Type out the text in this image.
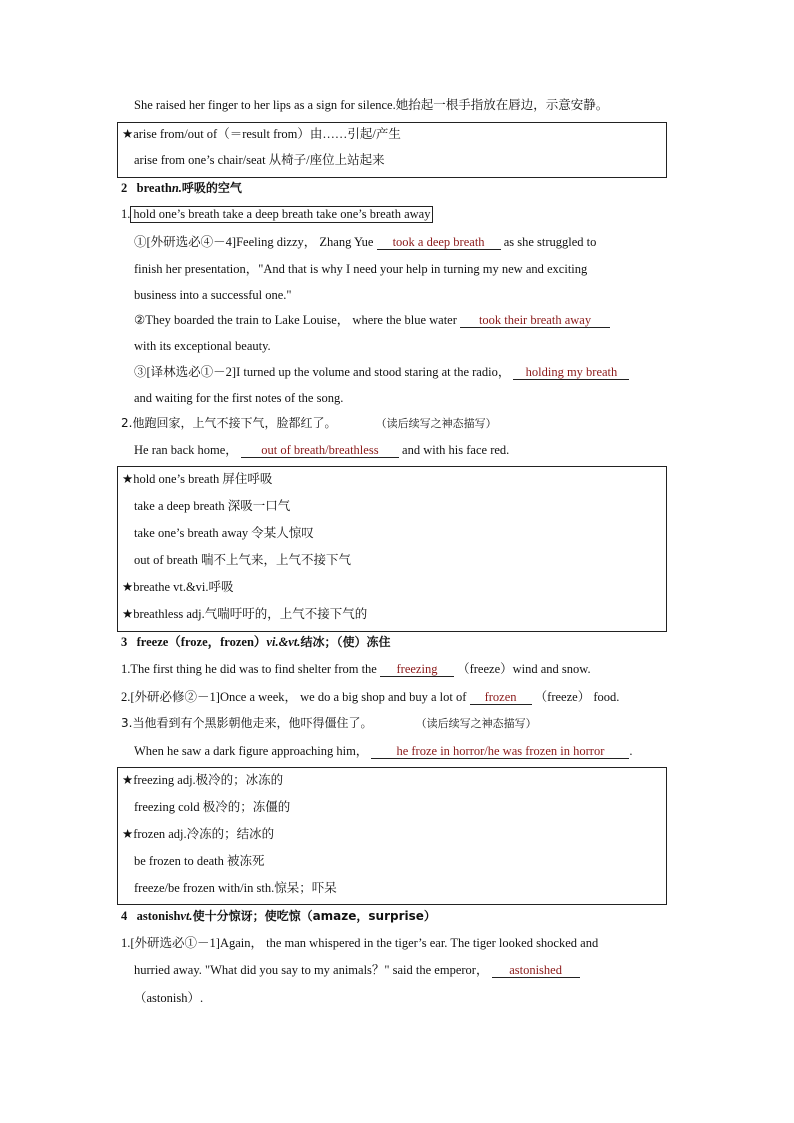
She raised her finger to her lips as a sign for silence.她抬起一根手指放在唇边，示意安静。
★arise from/out of（＝result from）由……引起/产生
arise from one’s chair/seat 从椅子/座位上站起来
2 breathn.呼吸的空气
1. hold one’s breath take a deep breath take one’s breath away
①[外研选必④－4]Feeling dizzy， Zhang Yue took a deep breath as she struggled to
finish her presentation，"And that is why I need your help in turning my new and exciting
business into a successful one."
②They boarded the train to Lake Louise， where the blue water took their breath away
with its exceptional beauty.
③[译林选必①－2]I turned up the volume and stood staring at the radio， holding my breath
and waiting for the first notes of the song.
2.他跑回家，上气不接下气，脸都红了。	（读后续写之神态描写）
He ran back home， out of breath/breathless and with his face red.
★hold one’s breath 屏住呼吸
take a deep breath 深吸一口气
take one’s breath away 令某人惊叹
out of breath 喘不上气来，上气不接下气
★breathe vt.&vi.呼吸
★breathless adj.气喘吁吁的，上气不接下气的
3 freeze（froze，frozen）vi.&vt.结冰；（使）冻住
1.The first thing he did was to find shelter from the freezing （freeze）wind and snow.
2.[外研必修②－1]Once a week， we do a big shop and buy a lot of frozen （freeze） food.
3.当他看到有个黑影朝他走来，他吓得僵住了。	（读后续写之神态描写）
When he saw a dark figure approaching him， he froze in horror/he was frozen in horror .
★freezing adj.极冷的；冰冻的
freezing cold 极冷的；冻僵的
★frozen adj.冷冻的；结冰的
be frozen to death 被冻死
freeze/be frozen with/in sth.惊呆；吓呆
4 astonishvt.使十分惊讶；使吃惊（amaze，surprise）
1.[外研选必①－1]Again， the man whispered in the tiger’s ear. The tiger looked shocked and
hurried away. "What did you say to my animals？" said the emperor， astonished
（astonish）.
